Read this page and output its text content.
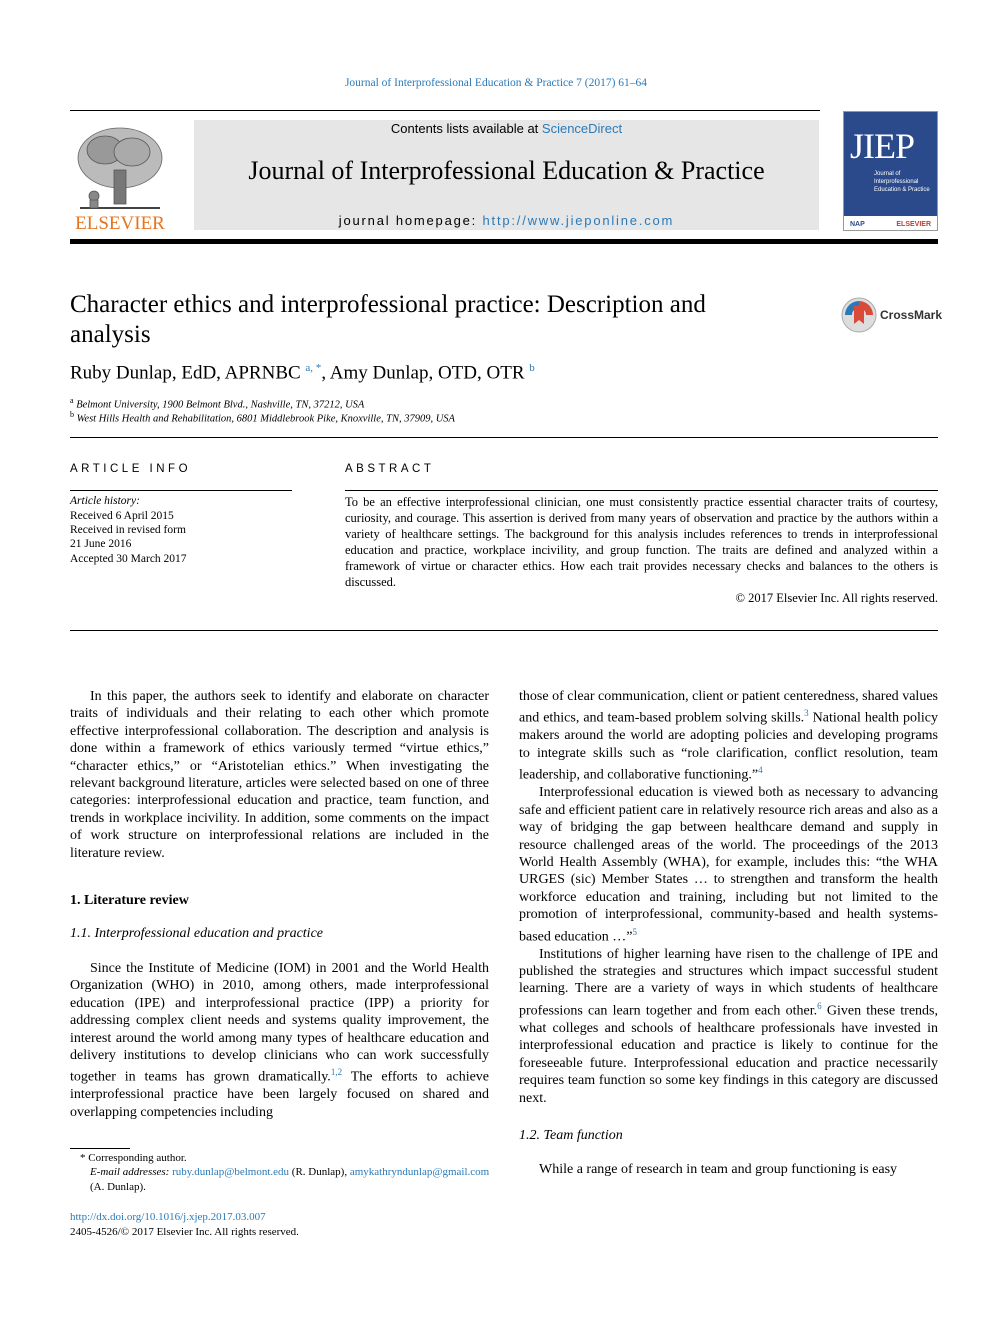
Journal of Interprofessional Education & Practice 7 (2017) 61–64
ELSEVIER
Contents lists available at ScienceDirect
Journal of Interprofessional Education & Practice
journal homepage: http://www.jieponline.com
JIEP
Journal of Interprofessional Education & Practice
NAP	ELSEVIER
Character ethics and interprofessional practice: Description and analysis
CrossMark
Ruby Dunlap, EdD, APRNBC $^{a, *}$, Amy Dunlap, OTD, OTR $^b$
$^a$ Belmont University, 1900 Belmont Blvd., Nashville, TN, 37212, USA
$^b$ West Hills Health and Rehabilitation, 6801 Middlebrook Pike, Knoxville, TN, 37909, USA
ARTICLE INFO
Article history:
Received 6 April 2015
Received in revised form
21 June 2016
Accepted 30 March 2017
ABSTRACT
To be an effective interprofessional clinician, one must consistently practice essential character traits of courtesy, curiosity, and courage. This assertion is derived from many years of observation and practice by the authors within a variety of healthcare settings. The background for this analysis includes references to trends in interprofessional education and practice, workplace incivility, and group function. The traits are defined and analyzed within a framework of virtue or character ethics. How each trait provides necessary checks and balances to the others is discussed.
© 2017 Elsevier Inc. All rights reserved.

In this paper, the authors seek to identify and elaborate on character traits of individuals and their relating to each other which promote effective interprofessional collaboration. The description and analysis is done within a framework of ethics variously termed “virtue ethics,” “character ethics,” or “Aristotelian ethics.” When investigating the relevant background literature, articles were selected based on one of three categories: interprofessional education and practice, team function, and trends in workplace incivility. In addition, some comments on the impact of work structure on interprofessional relations are included in the literature review.

1. Literature review
1.1. Interprofessional education and practice

Since the Institute of Medicine (IOM) in 2001 and the World Health Organization (WHO) in 2010, among others, made interprofessional education (IPE) and interprofessional practice (IPP) a priority for addressing complex client needs and systems quality improvement, the interest around the world among many types of healthcare education and delivery institutions to develop clinicians who can work successfully together in teams has grown dramatically.$^{1,2}$ The efforts to achieve interprofessional practice have been largely focused on shared and overlapping competencies including

those of clear communication, client or patient centeredness, shared values and ethics, and team-based problem solving skills.$^3$ National health policy makers around the world are adopting policies and developing programs to integrate skills such as “role clarification, conflict resolution, team leadership, and collaborative functioning.”$^4$

Interprofessional education is viewed both as necessary to advancing safe and efficient patient care in relatively resource rich areas and also as a way of bridging the gap between healthcare demand and supply in resource challenged areas of the world. The proceedings of the 2013 World Health Assembly (WHA), for example, includes this: “the WHA URGES (sic) Member States … to strengthen and transform the health workforce education and training, including but not limited to the promotion of interprofessional, community-based and health systems-based education …”$^5$

Institutions of higher learning have risen to the challenge of IPE and published the strategies and structures which impact successful student learning. There are a variety of ways in which students of healthcare professions can learn together and from each other.$^6$ Given these trends, what colleges and schools of healthcare professionals have invested in interprofessional education and practice is likely to continue for the foreseeable future. Interprofessional education and practice necessarily requires team function so some key findings in this category are discussed next.

1.2. Team function

While a range of research in team and group functioning is easy

* Corresponding author.
E-mail addresses: ruby.dunlap@belmont.edu (R. Dunlap), amykathryndunlap@gmail.com (A. Dunlap).
http://dx.doi.org/10.1016/j.xjep.2017.03.007
2405-4526/© 2017 Elsevier Inc. All rights reserved.
